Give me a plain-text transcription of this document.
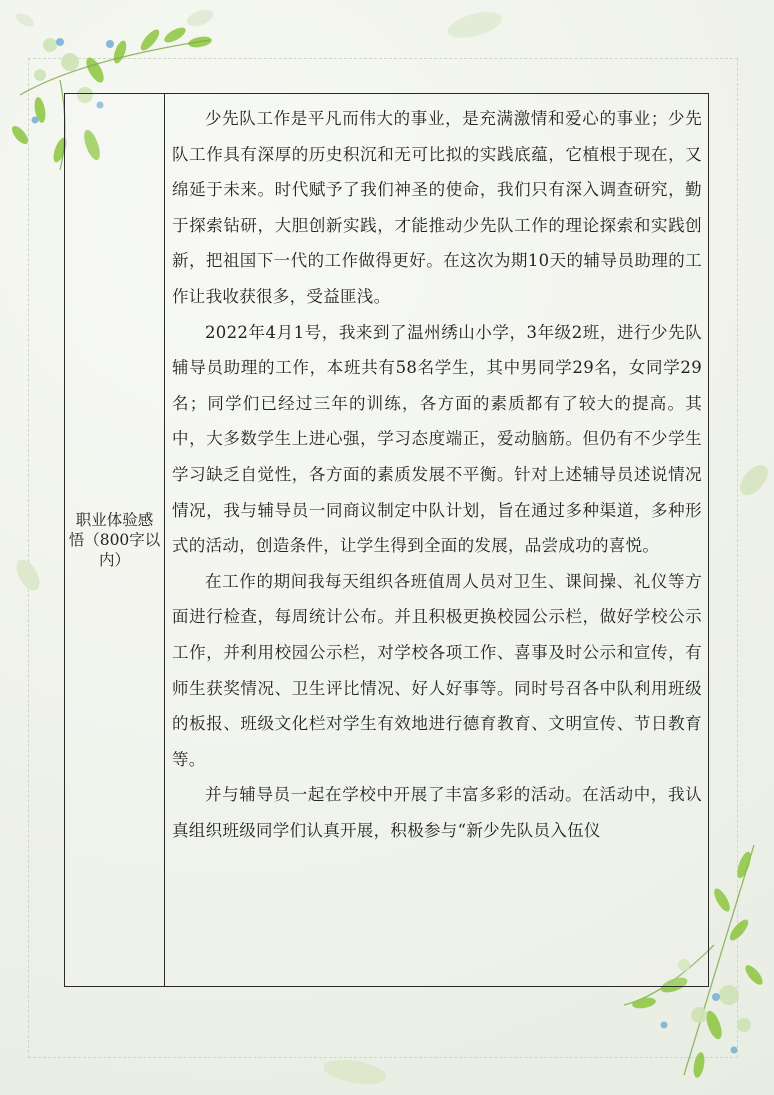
职业体验感悟（800字以内）

少先队工作是平凡而伟大的事业，是充满激情和爱心的事业；少先队工作具有深厚的历史积沉和无可比拟的实践底蕴，它植根于现在，又绵延于未来。时代赋予了我们神圣的使命，我们只有深入调查研究，勤于探索钻研，大胆创新实践，才能推动少先队工作的理论探索和实践创新，把祖国下一代的工作做得更好。在这次为期10天的辅导员助理的工作让我收获很多，受益匪浅。

2022年4月1号，我来到了温州绣山小学，3年级2班，进行少先队辅导员助理的工作，本班共有58名学生，其中男同学29名，女同学29名；同学们已经过三年的训练，各方面的素质都有了较大的提高。其中，大多数学生上进心强，学习态度端正，爱动脑筋。但仍有不少学生学习缺乏自觉性，各方面的素质发展不平衡。针对上述辅导员述说情况情况，我与辅导员一同商议制定中队计划，旨在通过多种渠道，多种形式的活动，创造条件，让学生得到全面的发展，品尝成功的喜悦。

在工作的期间我每天组织各班值周人员对卫生、课间操、礼仪等方面进行检查，每周统计公布。并且积极更换校园公示栏，做好学校公示工作，并利用校园公示栏，对学校各项工作、喜事及时公示和宣传，有师生获奖情况、卫生评比情况、好人好事等。同时号召各中队利用班级的板报、班级文化栏对学生有效地进行德育教育、文明宣传、节日教育等。

并与辅导员一起在学校中开展了丰富多彩的活动。在活动中，我认真组织班级同学们认真开展，积极参与“新少先队员入伍仪
